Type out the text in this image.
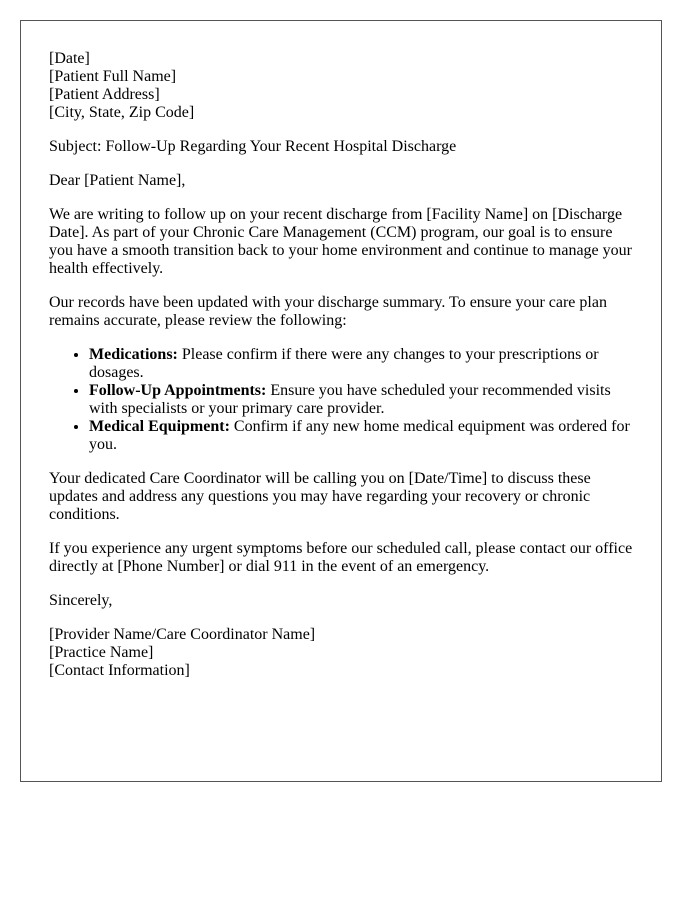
[Date]
[Patient Full Name]
[Patient Address]
[City, State, Zip Code]

Subject: Follow-Up Regarding Your Recent Hospital Discharge

Dear [Patient Name],

We are writing to follow up on your recent discharge from [Facility Name] on [Discharge Date]. As part of your Chronic Care Management (CCM) program, our goal is to ensure you have a smooth transition back to your home environment and continue to manage your health effectively.

Our records have been updated with your discharge summary. To ensure your care plan remains accurate, please review the following:

• Medications: Please confirm if there were any changes to your prescriptions or dosages.
• Follow-Up Appointments: Ensure you have scheduled your recommended visits with specialists or your primary care provider.
• Medical Equipment: Confirm if any new home medical equipment was ordered for you.

Your dedicated Care Coordinator will be calling you on [Date/Time] to discuss these updates and address any questions you may have regarding your recovery or chronic conditions.

If you experience any urgent symptoms before our scheduled call, please contact our office directly at [Phone Number] or dial 911 in the event of an emergency.

Sincerely,

[Provider Name/Care Coordinator Name]
[Practice Name]
[Contact Information]
